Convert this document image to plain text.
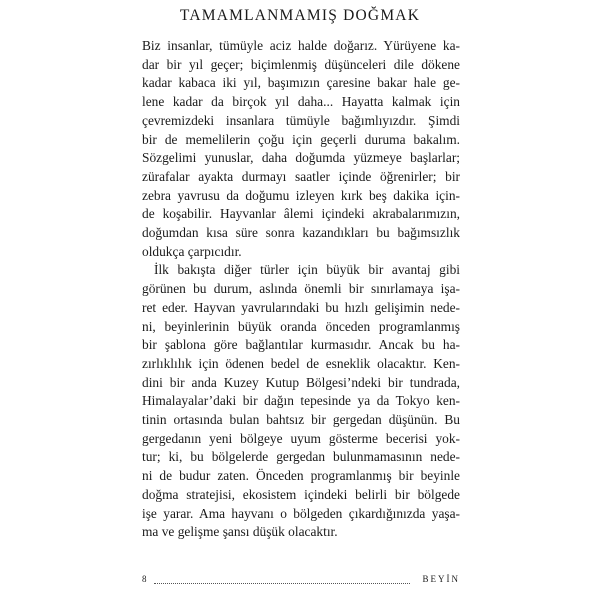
TAMAMLANMAMIŞ DOĞMAK
Biz insanlar, tümüyle aciz halde doğarız. Yürüyene ka-
dar bir yıl geçer; biçimlenmiş düşünceleri dile dökene
kadar kabaca iki yıl, başımızın çaresine bakar hale ge-
lene kadar da birçok yıl daha... Hayatta kalmak için
çevremizdeki insanlara tümüyle bağımlıyızdır. Şimdi
bir de memelilerin çoğu için geçerli duruma bakalım.
Sözgelimi yunuslar, daha doğumda yüzmeye başlarlar;
zürafalar ayakta durmayı saatler içinde öğrenirler; bir
zebra yavrusu da doğumu izleyen kırk beş dakika için-
de koşabilir. Hayvanlar âlemi içindeki akrabalarımızın,
doğumdan kısa süre sonra kazandıkları bu bağımsızlık
oldukça çarpıcıdır.
İlk bakışta diğer türler için büyük bir avantaj gibi
görünen bu durum, aslında önemli bir sınırlamaya işa-
ret eder. Hayvan yavrularındaki bu hızlı gelişimin nede-
ni, beyinlerinin büyük oranda önceden programlanmış
bir şablona göre bağlantılar kurmasıdır. Ancak bu ha-
zırlıklılık için ödenen bedel de esneklik olacaktır. Ken-
dini bir anda Kuzey Kutup Bölgesi’ndeki bir tundrada,
Himalayalar’daki bir dağın tepesinde ya da Tokyo ken-
tinin ortasında bulan bahtsız bir gergedan düşünün. Bu
gergedanın yeni bölgeye uyum gösterme becerisi yok-
tur; ki, bu bölgelerde gergedan bulunmamasının nede-
ni de budur zaten. Önceden programlanmış bir beyinle
doğma stratejisi, ekosistem içindeki belirli bir bölgede
işe yarar. Ama hayvanı o bölgeden çıkardığınızda yaşa-
ma ve gelişme şansı düşük olacaktır.
8	BEYİN
